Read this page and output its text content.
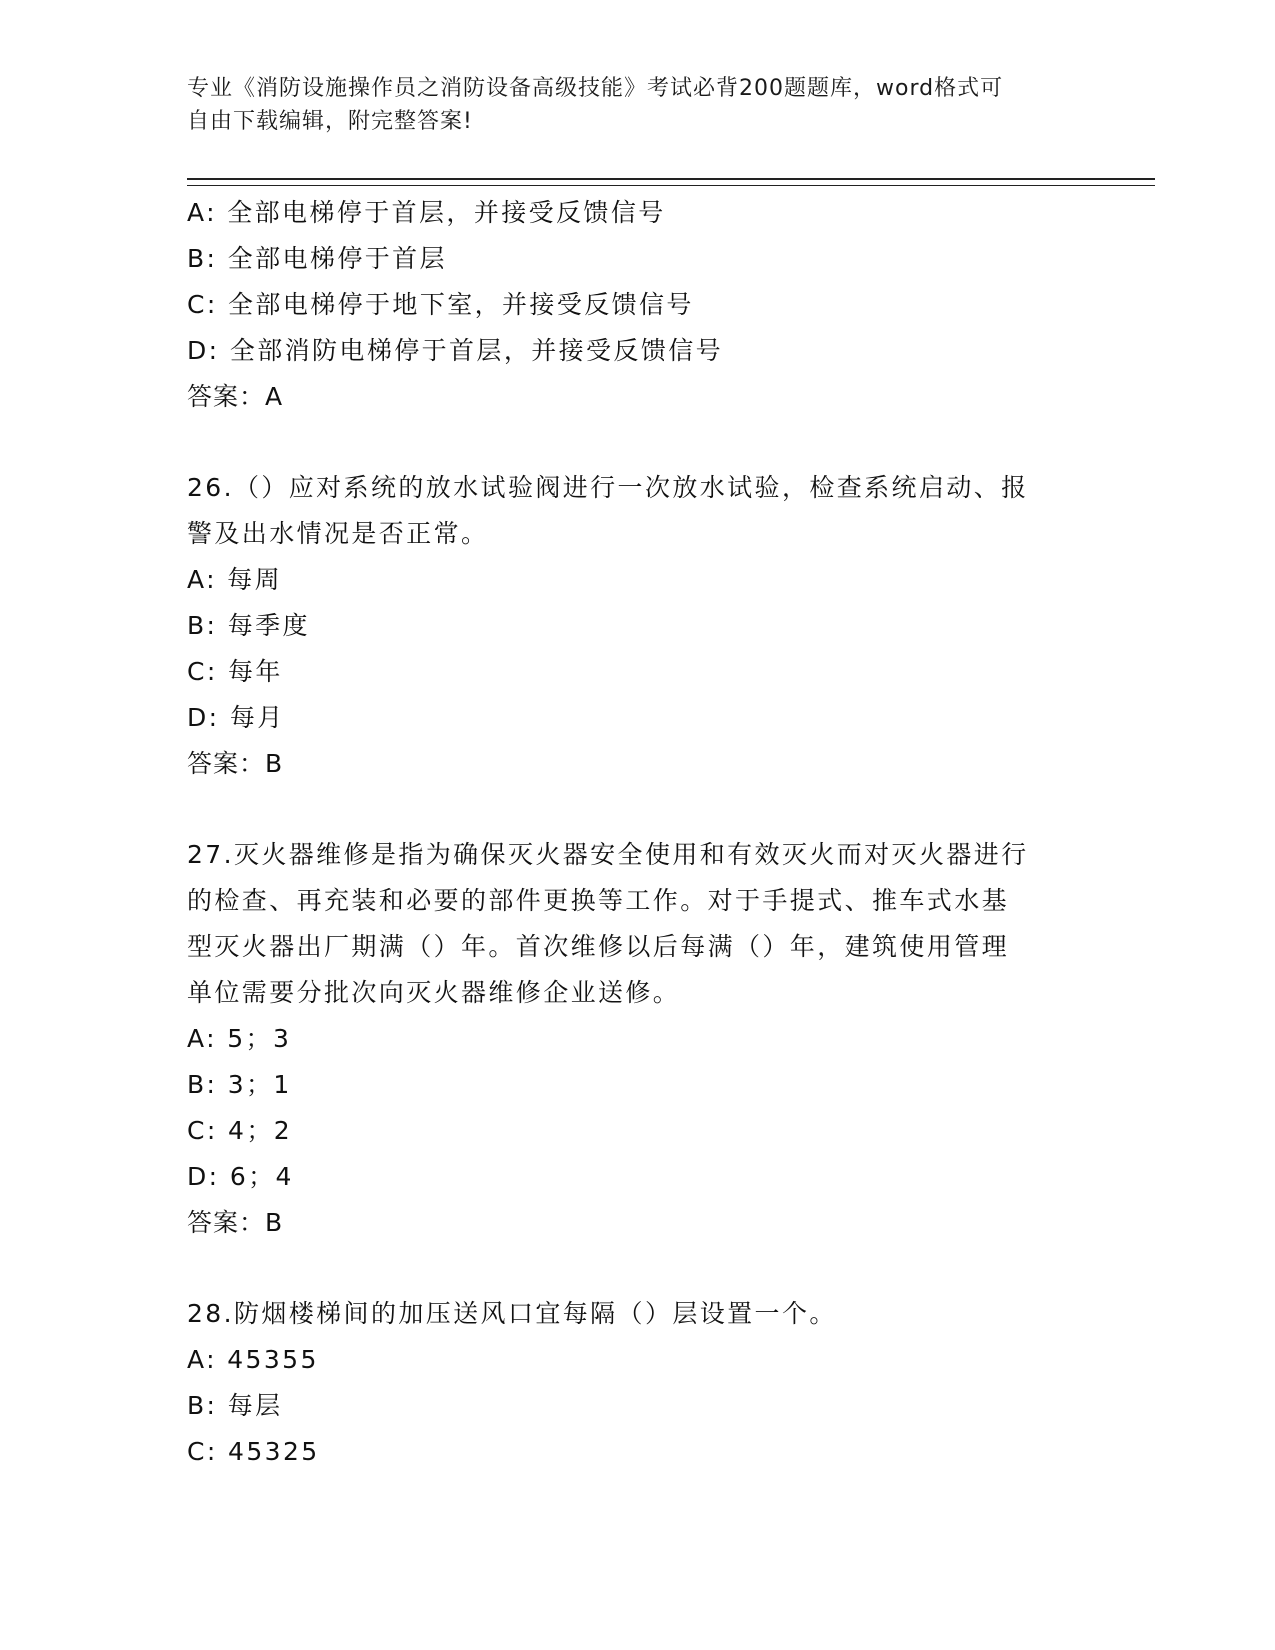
专业《消防设施操作员之消防设备高级技能》考试必背200题题库，word格式可
自由下载编辑，附完整答案!
A: 全部电梯停于首层，并接受反馈信号
B: 全部电梯停于首层
C: 全部电梯停于地下室，并接受反馈信号
D: 全部消防电梯停于首层，并接受反馈信号
答案：A
26.（）应对系统的放水试验阀进行一次放水试验，检查系统启动、报
警及出水情况是否正常。
A: 每周
B: 每季度
C: 每年
D: 每月
答案：B
27.灭火器维修是指为确保灭火器安全使用和有效灭火而对灭火器进行
的检查、再充装和必要的部件更换等工作。对于手提式、推车式水基
型灭火器出厂期满（）年。首次维修以后每满（）年，建筑使用管理
单位需要分批次向灭火器维修企业送修。
A: 5；3
B: 3；1
C: 4；2
D: 6；4
答案：B
28.防烟楼梯间的加压送风口宜每隔（）层设置一个。
A: 45355
B: 每层
C: 45325
